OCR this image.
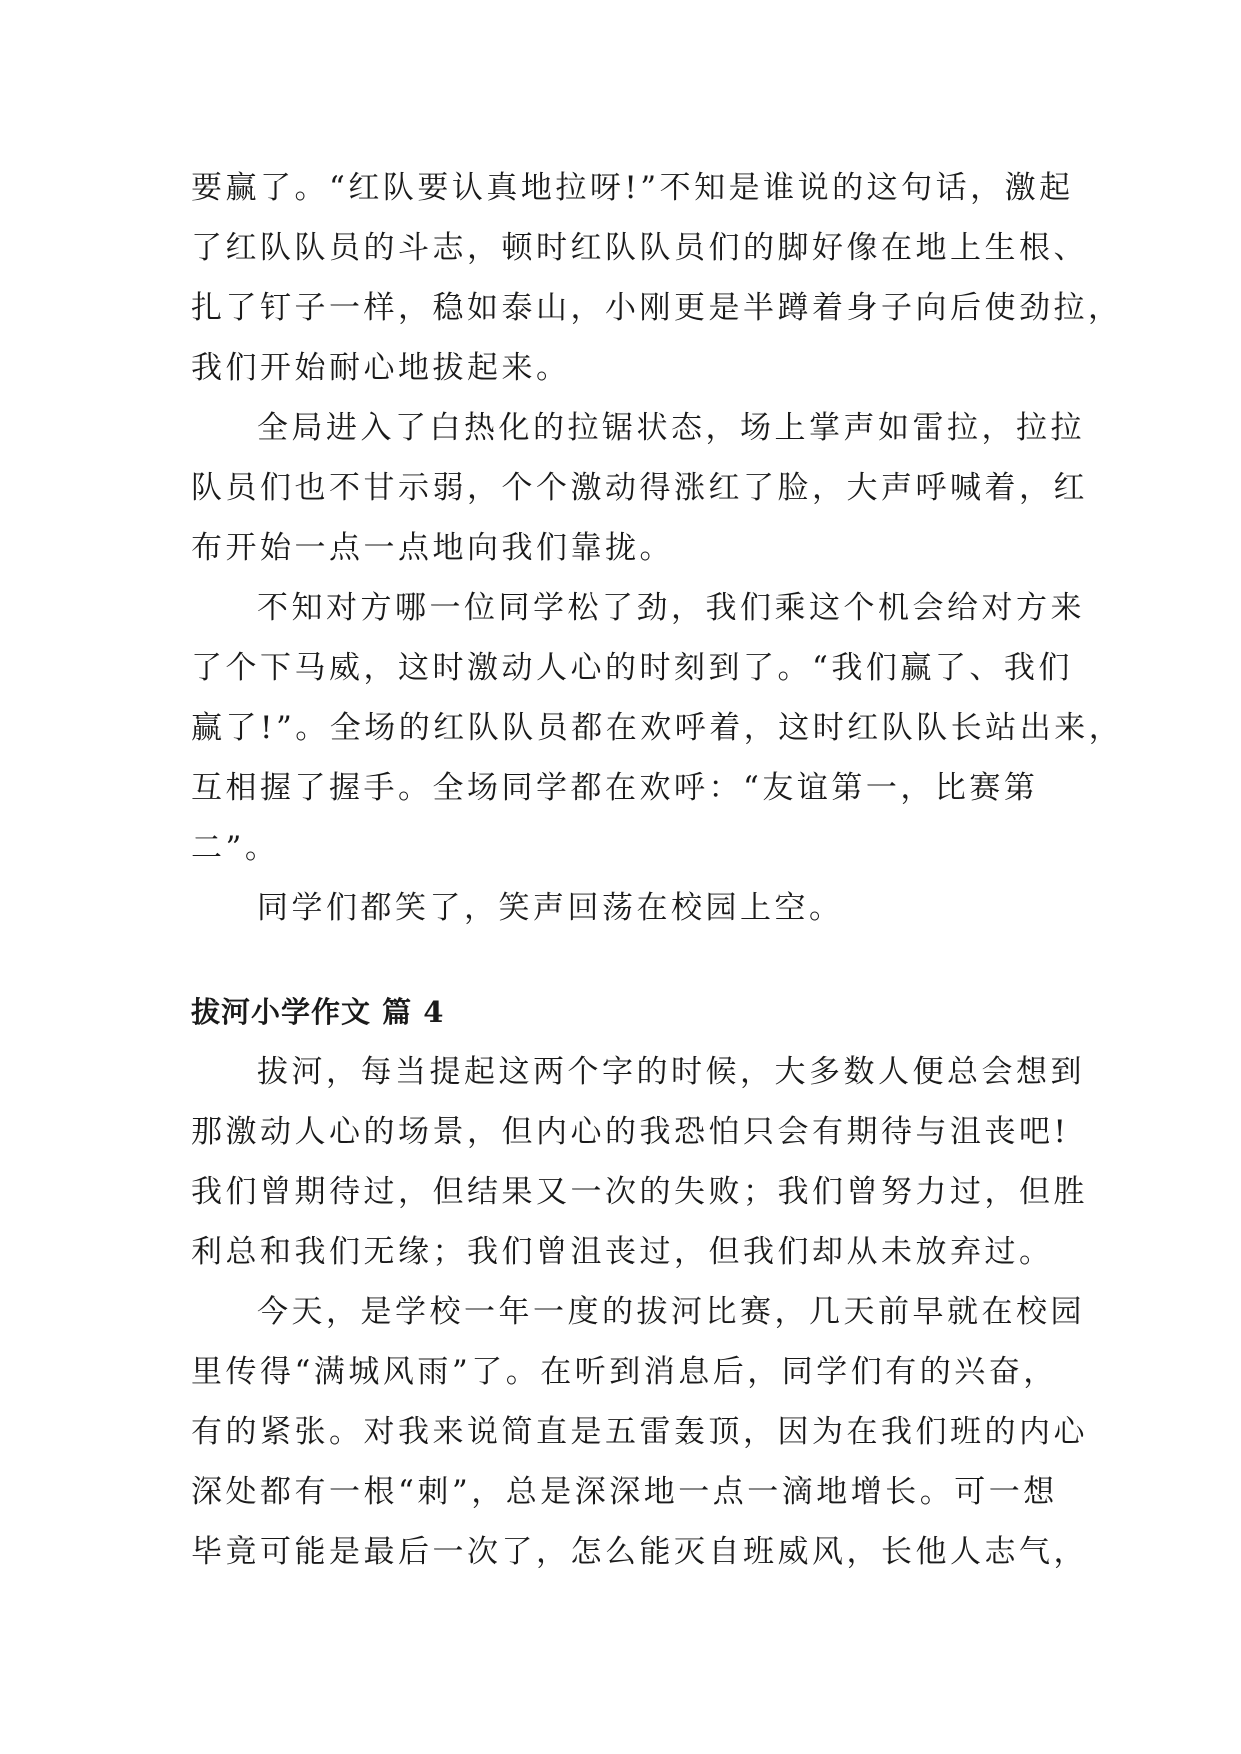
要赢了。“红队要认真地拉呀!”不知是谁说的这句话，激起

了红队队员的斗志，顿时红队队员们的脚好像在地上生根、

扎了钉子一样，稳如泰山，小刚更是半蹲着身子向后使劲拉，

我们开始耐心地拔起来。

全局进入了白热化的拉锯状态，场上掌声如雷拉，拉拉

队员们也不甘示弱，个个激动得涨红了脸，大声呼喊着，红

布开始一点一点地向我们靠拢。

不知对方哪一位同学松了劲，我们乘这个机会给对方来

了个下马威，这时激动人心的时刻到了。“我们赢了、我们

赢了!”。全场的红队队员都在欢呼着，这时红队队长站出来，

互相握了握手。全场同学都在欢呼：“友谊第一，比赛第

二”。

同学们都笑了，笑声回荡在校园上空。

拔河小学作文 篇 4

拔河，每当提起这两个字的时候，大多数人便总会想到

那激动人心的场景，但内心的我恐怕只会有期待与沮丧吧!

我们曾期待过，但结果又一次的失败；我们曾努力过，但胜

利总和我们无缘；我们曾沮丧过，但我们却从未放弃过。

今天，是学校一年一度的拔河比赛，几天前早就在校园

里传得“满城风雨”了。在听到消息后，同学们有的兴奋，

有的紧张。对我来说简直是五雷轰顶，因为在我们班的内心

深处都有一根“刺”，总是深深地一点一滴地增长。可一想

毕竟可能是最后一次了，怎么能灭自班威风，长他人志气，
